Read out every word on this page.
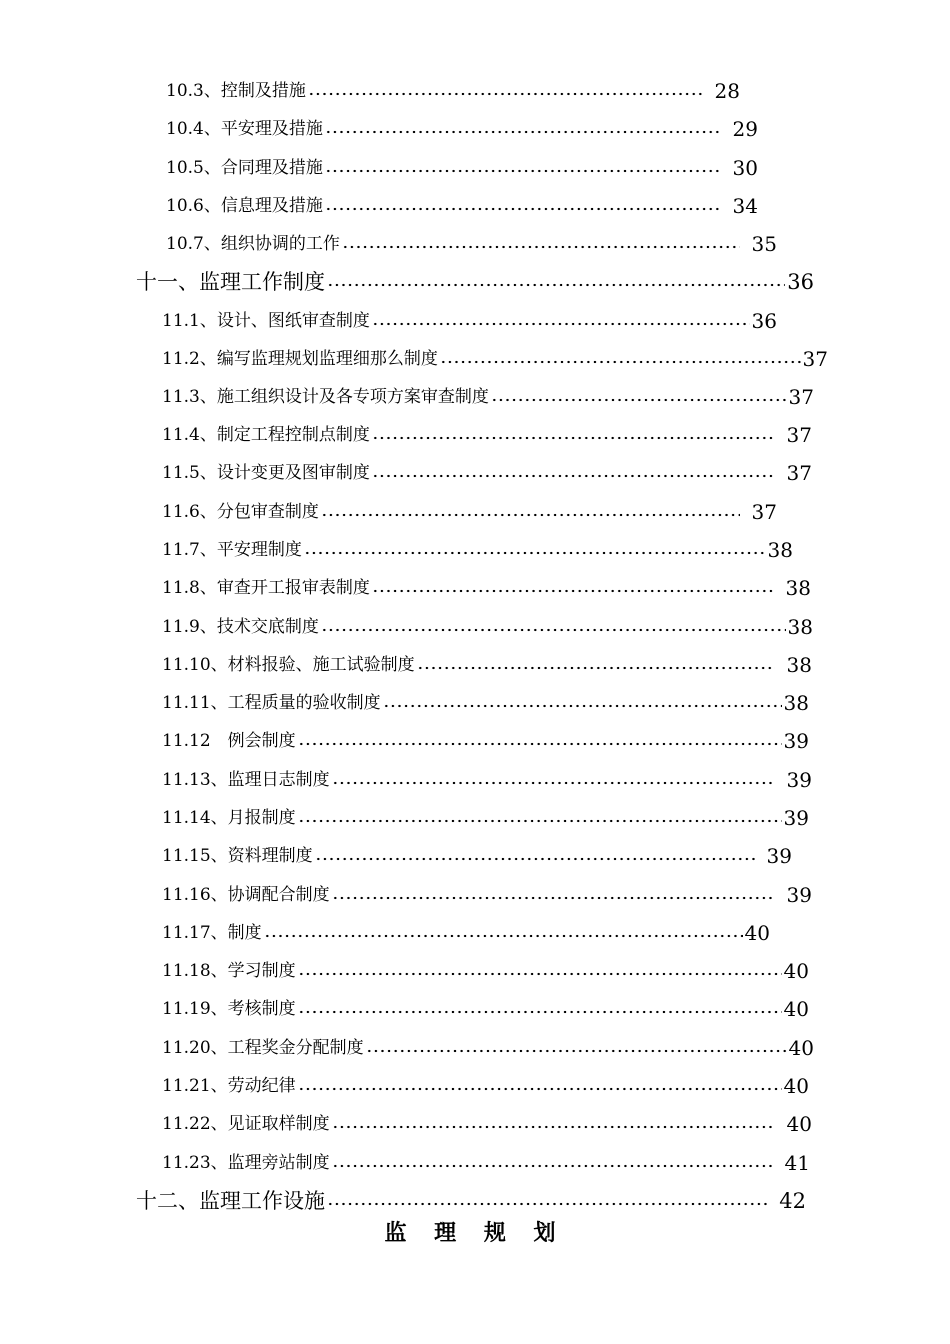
10.3、控制及措施	28
10.4、平安理及措施	29
10.5、合同理及措施	30
10.6、信息理及措施	34
10.7、组织协调的工作	35
十一、监理工作制度	36
11.1、设计、图纸审查制度	36
11.2、编写监理规划监理细那么制度	37
11.3、施工组织设计及各专项方案审查制度	37
11.4、制定工程控制点制度	37
11.5、设计变更及图审制度	37
11.6、分包审查制度	37
11.7、平安理制度	38
11.8、审查开工报审表制度	38
11.9、技术交底制度	38
11.10、材料报验、施工试验制度	38
11.11、工程质量的验收制度	38
11.12　例会制度	39
11.13、监理日志制度	39
11.14、月报制度	39
11.15、资料理制度	39
11.16、协调配合制度	39
11.17、制度	40
11.18、学习制度	40
11.19、考核制度	40
11.20、工程奖金分配制度	40
11.21、劳动纪律	40
11.22、见证取样制度	40
11.23、监理旁站制度	41
十二、监理工作设施	42
监 理 规 划
